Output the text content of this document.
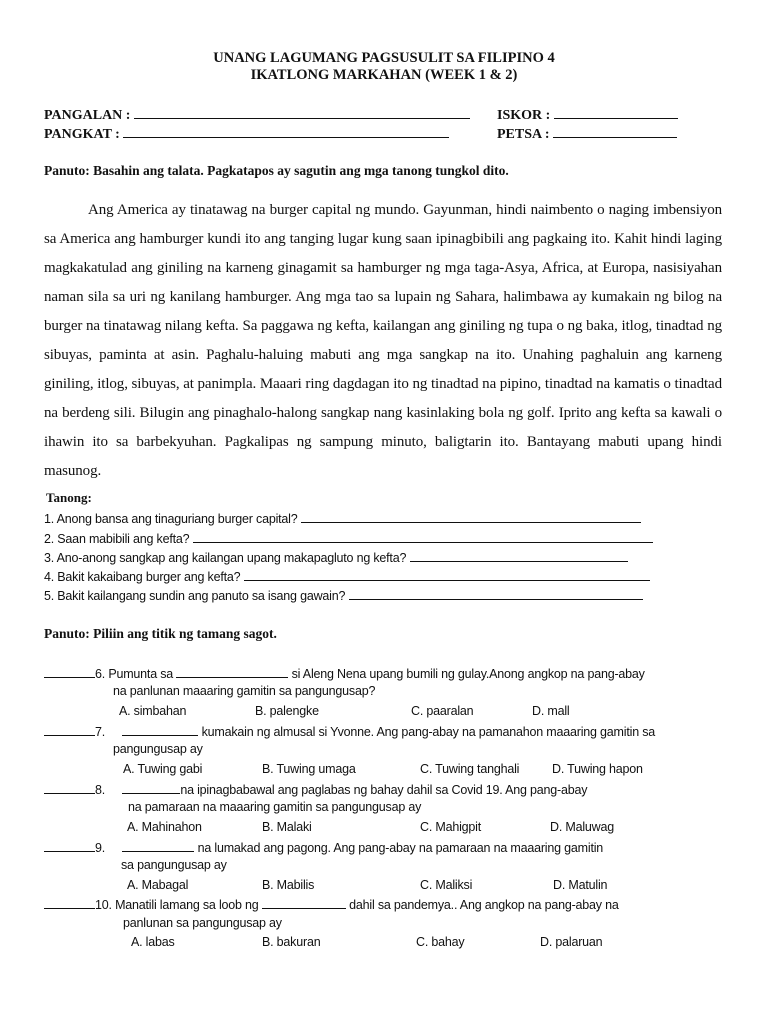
UNANG LAGUMANG PAGSUSULIT SA FILIPINO 4
IKATLONG MARKAHAN (WEEK 1 & 2)
PANGALAN :	ISKOR :
PANGKAT :	PETSA :
Panuto: Basahin ang talata. Pagkatapos ay sagutin ang mga tanong tungkol dito.
Ang America ay tinatawag na burger capital ng mundo. Gayunman, hindi naimbento o naging imbensiyon sa America ang hamburger kundi ito ang tanging lugar kung saan ipinagbibili ang pagkaing ito. Kahit hindi laging magkakatulad ang giniling na karneng ginagamit sa hamburger ng mga taga-Asya, Africa, at Europa, nasisiyahan naman sila sa uri ng kanilang hamburger. Ang mga tao sa lupain ng Sahara, halimbawa ay kumakain ng bilog na burger na tinatawag nilang kefta. Sa paggawa ng kefta, kailangan ang giniling ng tupa o ng baka, itlog, tinadtad ng sibuyas, paminta at asin. Paghalu-haluing mabuti ang mga sangkap na ito. Unahing paghaluin ang karneng giniling, itlog, sibuyas, at panimpla. Maaari ring dagdagan ito ng tinadtad na pipino, tinadtad na kamatis o tinadtad na berdeng sili. Bilugin ang pinaghalo-halong sangkap nang kasinlaking bola ng golf. Iprito ang kefta sa kawali o ihawin ito sa barbekyuhan. Pagkalipas ng sampung minuto, baligtarin ito. Bantayang mabuti upang hindi masunog.
Tanong:
1. Anong bansa ang tinaguriang burger capital?
2. Saan mabibili ang kefta?
3. Ano-anong sangkap ang kailangan upang makapagluto ng kefta?
4. Bakit kakaibang burger ang kefta?
5. Bakit kailangang sundin ang panuto sa isang gawain?
Panuto: Piliin ang titik ng tamang sagot.
6. Pumunta sa	si Aleng Nena upang bumili ng gulay.Anong angkop na pang-abay
na panlunan maaaring gamitin sa pangungusap?
A. simbahan	B. palengke	C. paaralan	D. mall
7.	kumakain ng almusal si Yvonne. Ang pang-abay na pamanahon maaaring gamitin sa
pangungusap ay
A. Tuwing gabi	B. Tuwing umaga	C. Tuwing tanghali	D. Tuwing hapon
8.	na ipinagbabawal ang paglabas ng bahay dahil sa Covid 19. Ang pang-abay
na pamaraan na maaaring gamitin sa pangungusap ay
A. Mahinahon	B. Malaki	C. Mahigpit	D. Maluwag
9.	na lumakad ang pagong. Ang pang-abay na pamaraan na maaaring gamitin
sa pangungusap ay
A. Mabagal	B. Mabilis	C. Maliksi	D. Matulin
10. Manatili lamang sa loob ng	dahil sa pandemya.. Ang angkop na pang-abay na
panlunan sa pangungusap ay
A. labas	B. bakuran	C. bahay	D. palaruan
